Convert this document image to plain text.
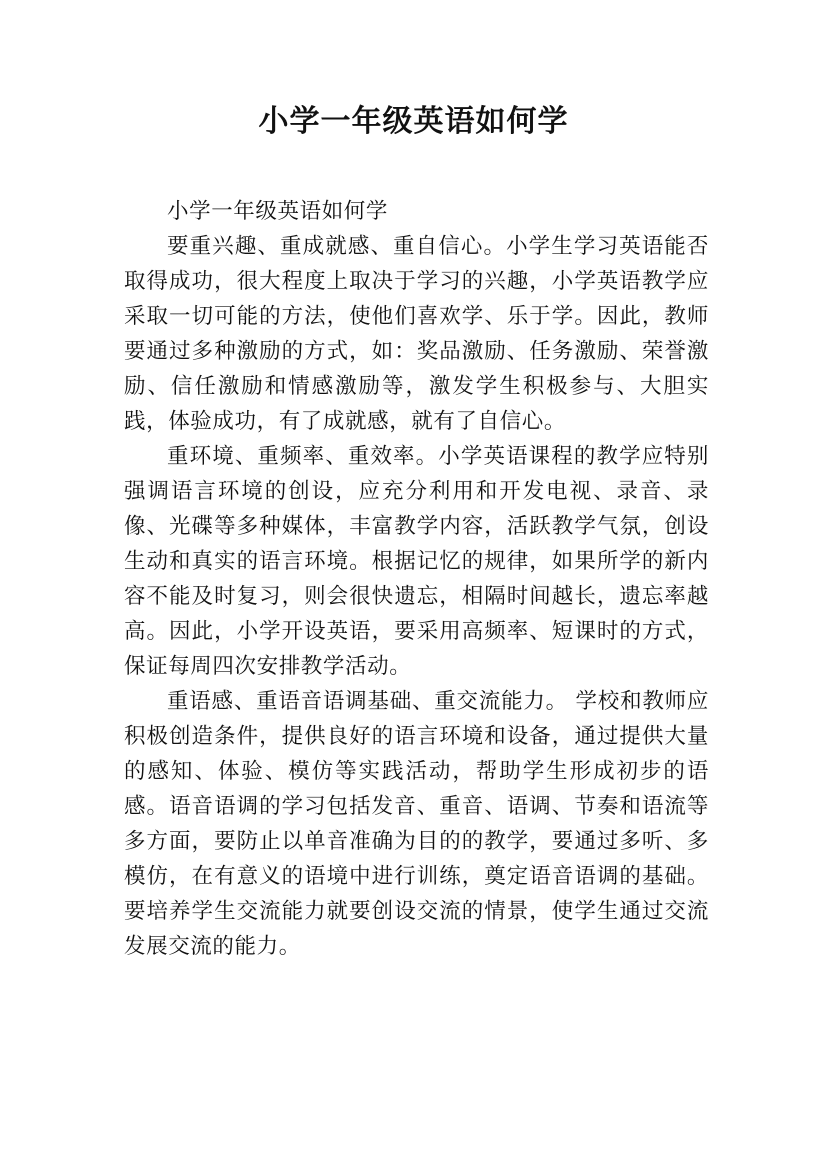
小学一年级英语如何学

小学一年级英语如何学

要重兴趣、重成就感、重自信心。小学生学习英语能否取得成功，很大程度上取决于学习的兴趣，小学英语教学应采取一切可能的方法，使他们喜欢学、乐于学。因此，教师要通过多种激励的方式，如：奖品激励、任务激励、荣誉激励、信任激励和情感激励等，激发学生积极参与、大胆实践，体验成功，有了成就感，就有了自信心。

重环境、重频率、重效率。小学英语课程的教学应特别强调语言环境的创设，应充分利用和开发电视、录音、录像、光碟等多种媒体，丰富教学内容，活跃教学气氛，创设生动和真实的语言环境。根据记忆的规律，如果所学的新内容不能及时复习，则会很快遗忘，相隔时间越长，遗忘率越高。因此，小学开设英语，要采用高频率、短课时的方式，保证每周四次安排教学活动。

重语感、重语音语调基础、重交流能力。 学校和教师应积极创造条件，提供良好的语言环境和设备，通过提供大量的感知、体验、模仿等实践活动，帮助学生形成初步的语感。语音语调的学习包括发音、重音、语调、节奏和语流等多方面，要防止以单音准确为目的的教学，要通过多听、多模仿，在有意义的语境中进行训练，奠定语音语调的基础。要培养学生交流能力就要创设交流的情景，使学生通过交流发展交流的能力。
